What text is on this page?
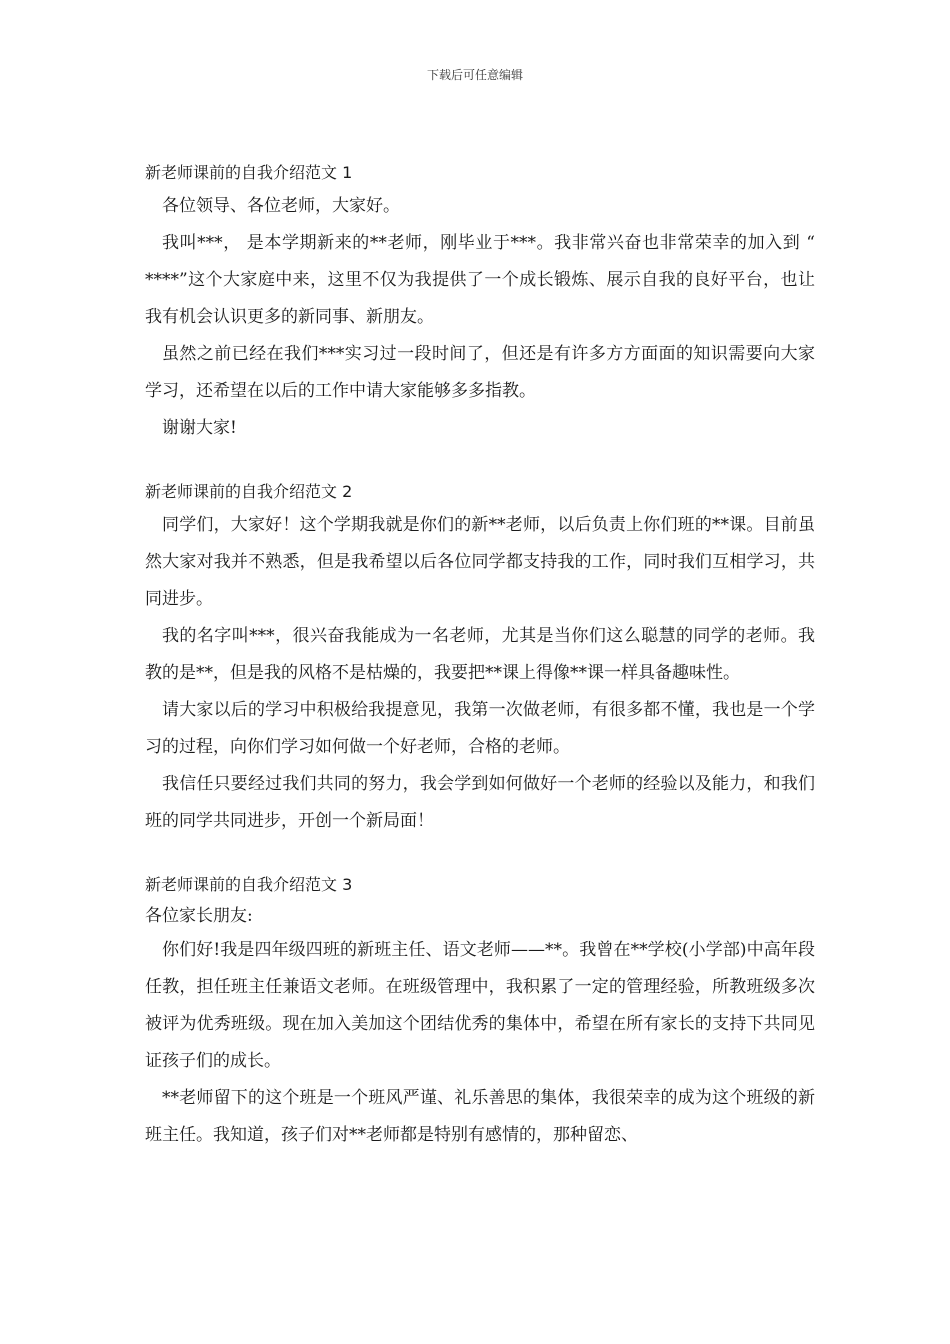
下载后可任意编辑
新老师课前的自我介绍范文 1

各位领导、各位老师，大家好。

我叫***， 是本学期新来的**老师，刚毕业于***。我非常兴奋也非常荣幸的加入到 “ ****”这个大家庭中来，这里不仅为我提供了一个成长锻炼、展示自我的良好平台，也让我有机会认识更多的新同事、新朋友。

虽然之前已经在我们***实习过一段时间了，但还是有许多方方面面的知识需要向大家学习，还希望在以后的工作中请大家能够多多指教。

谢谢大家!

新老师课前的自我介绍范文 2

同学们，大家好！这个学期我就是你们的新**老师，以后负责上你们班的**课。目前虽然大家对我并不熟悉，但是我希望以后各位同学都支持我的工作，同时我们互相学习，共同进步。

我的名字叫***，很兴奋我能成为一名老师，尤其是当你们这么聪慧的同学的老师。我教的是**，但是我的风格不是枯燥的，我要把**课上得像**课一样具备趣味性。

请大家以后的学习中积极给我提意见，我第一次做老师，有很多都不懂，我也是一个学习的过程，向你们学习如何做一个好老师，合格的老师。

我信任只要经过我们共同的努力，我会学到如何做好一个老师的经验以及能力，和我们班的同学共同进步，开创一个新局面！

新老师课前的自我介绍范文 3

各位家长朋友:

你们好!我是四年级四班的新班主任、语文老师——**。我曾在**学校(小学部)中高年段任教，担任班主任兼语文老师。在班级管理中，我积累了一定的管理经验，所教班级多次被评为优秀班级。现在加入美加这个团结优秀的集体中，希望在所有家长的支持下共同见证孩子们的成长。

**老师留下的这个班是一个班风严谨、礼乐善思的集体，我很荣幸的成为这个班级的新班主任。我知道，孩子们对**老师都是特别有感情的，那种留恋、
